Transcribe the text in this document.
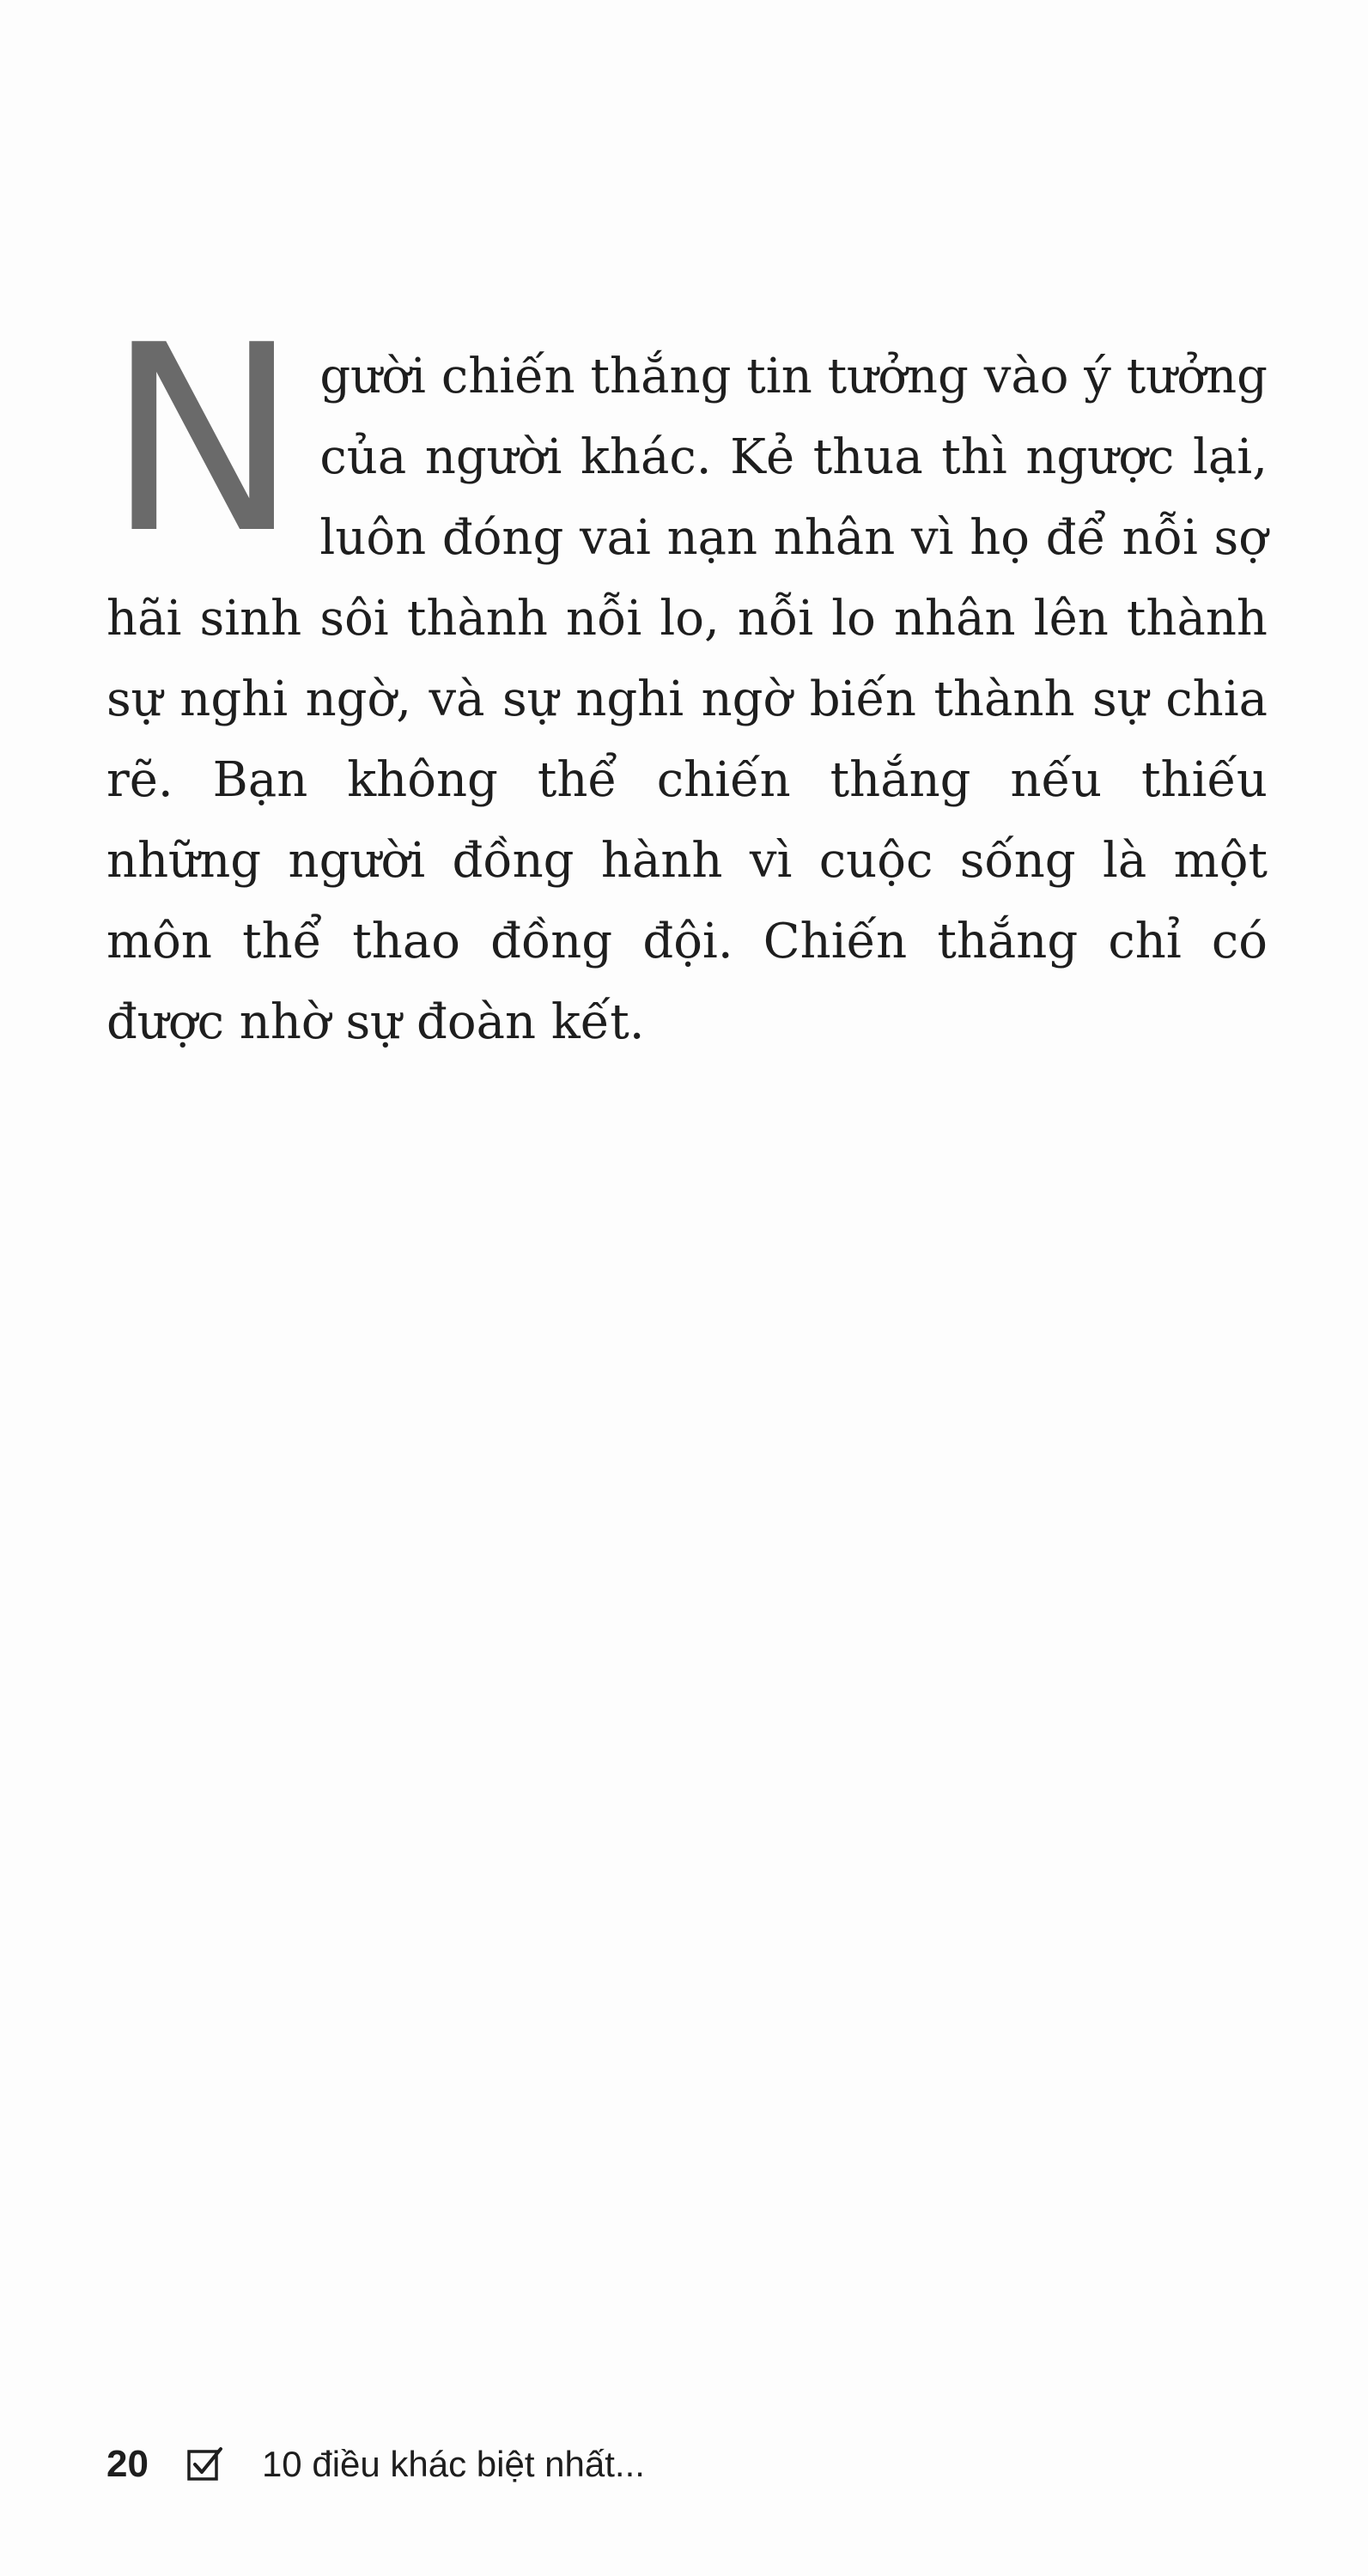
N gười chiến thắng tin tưởng vào ý tưởng của người khác. Kẻ thua thì ngược lại, luôn đóng vai nạn nhân vì họ để nỗi sợ hãi sinh sôi thành nỗi lo, nỗi lo nhân lên thành sự nghi ngờ, và sự nghi ngờ biến thành sự chia rẽ. Bạn không thể chiến thắng nếu thiếu những người đồng hành vì cuộc sống là một môn thể thao đồng đội. Chiến thắng chỉ có được nhờ sự đoàn kết.

20	10 điều khác biệt nhất...
